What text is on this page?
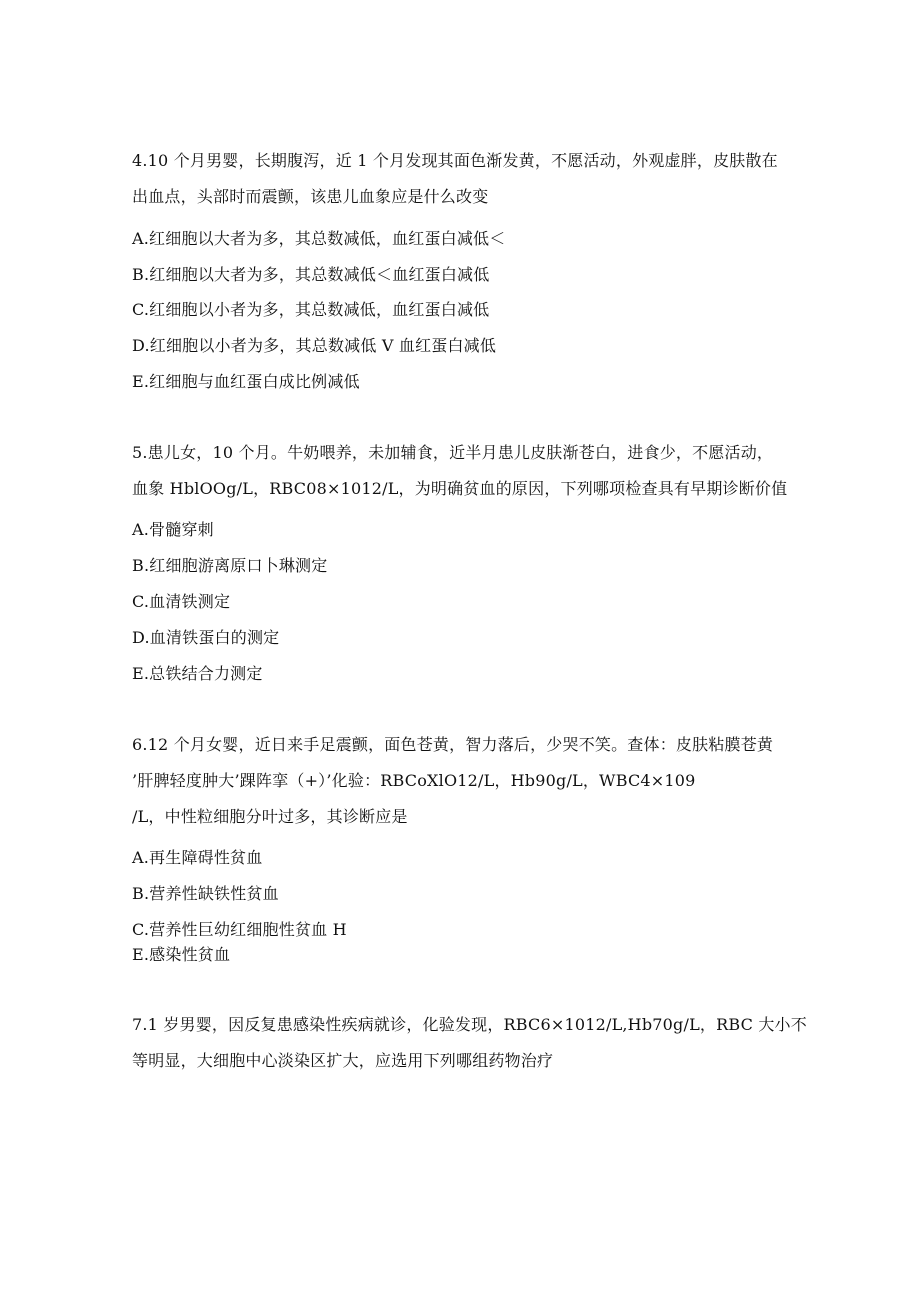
4.10 个月男婴，长期腹泻，近 1 个月发现其面色渐发黄，不愿活动，外观虚胖，皮肤散在
出血点，头部时而震颤，该患儿血象应是什么改变
A.红细胞以大者为多，其总数减低，血红蛋白减低＜
B.红细胞以大者为多，其总数减低＜血红蛋白减低
C.红细胞以小者为多，其总数减低，血红蛋白减低
D.红细胞以小者为多，其总数减低 V 血红蛋白减低
E.红细胞与血红蛋白成比例减低
5.患儿女，10 个月。牛奶喂养，未加辅食，近半月患儿皮肤渐苍白，进食少，不愿活动，
血象 HblOOg/L，RBC08×1012/L，为明确贫血的原因，下列哪项检查具有早期诊断价值
A.骨髓穿刺
B.红细胞游离原口卜琳测定
C.血清铁测定
D.血清铁蛋白的测定
E.总铁结合力测定
6.12 个月女婴，近日来手足震颤，面色苍黄，智力落后，少哭不笑。查体：皮肤粘膜苍黄
’肝脾轻度肿大’踝阵挛（+）’化验：RBCoXlO12/L，Hb90g/L，WBC4×109
/L，中性粒细胞分叶过多，其诊断应是
A.再生障碍性贫血
B.营养性缺铁性贫血
C.营养性巨幼红细胞性贫血 H
E.感染性贫血
7.1 岁男婴，因反复患感染性疾病就诊，化验发现，RBC6×1012/L,Hb70g/L，RBC 大小不
等明显，大细胞中心淡染区扩大，应选用下列哪组药物治疗
